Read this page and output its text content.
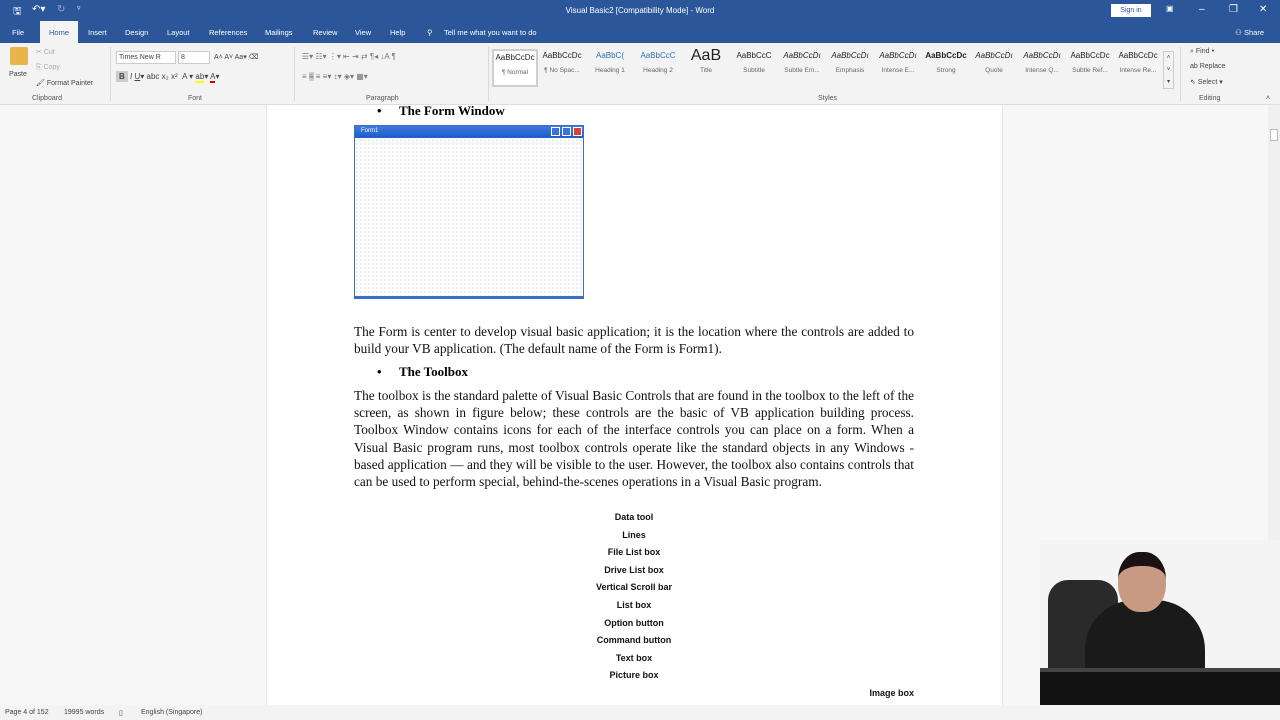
🖫 ↶▾ ↻ ▿	Visual Basic2 [Compatibility Mode] - Word	Sign in	▣	– ❐ ✕
File	Home	Insert Design Layout	References Mailings	Review View	Help	⚲ Tell me what you want to do	⚇ Share
Paste
✂ Cut
⎘ Copy
🖌 Format Painter
Clipboard
Times New R	8	A˄ A˅ Aa▾ ⌫
B I U▾ abc x₂ x²  A ▾ ab▾ A▾
Font
☰▾ ☷▾ ⋮▾ ⇤ ⇥ ⇄ ¶◂ ↓A ¶
≡ ≡ ≡ ≡▾ ↕▾ ◈▾ ▦▾
Paragraph
AaBbCcDc
¶ Normal
AaBbCcDc
¶ No Spac...
AaBbC(
Heading 1
AaBbCcC
Heading 2
AaB
Title
AaBbCcC
Subtitle
AaBbCcDı
Subtle Em...
AaBbCcDı
Emphasis
AaBbCcDı
Intense E...
AaBbCcDc
Strong
AaBbCcDı
Quote
AaBbCcDı
Intense Q...
AaBbCcDc
Subtle Ref...
AaBbCcDc
Intense Re...
˄
˅
▾
Styles
⌕ Find ▾
ab Replace
⇖ Select ▾
Editing	˄
• The Form Window
Form1
The Form is center to develop visual basic application; it is the location where the controls are added to build your VB application. (The default name of the Form is Form1).
• The Toolbox
The toolbox is the standard palette of Visual Basic Controls that are found in the toolbox to the left of the screen, as shown in figure below; these controls are the basic of VB application building process. Toolbox Window contains icons for each of the interface controls you can place on a form. When a Visual Basic program runs, most toolbox controls operate like the standard objects in any Windows -based application — and they will be visible to the user. However, the toolbox also contains controls that can be used to perform special, behind-the-scenes operations in a Visual Basic program.
Data tool
Lines
File List box
Drive List box
Vertical Scroll bar
List box
Option button
Command button
Text box
Picture box
Image box
Page 4 of 152 19995 words ▯	English (Singapore)
